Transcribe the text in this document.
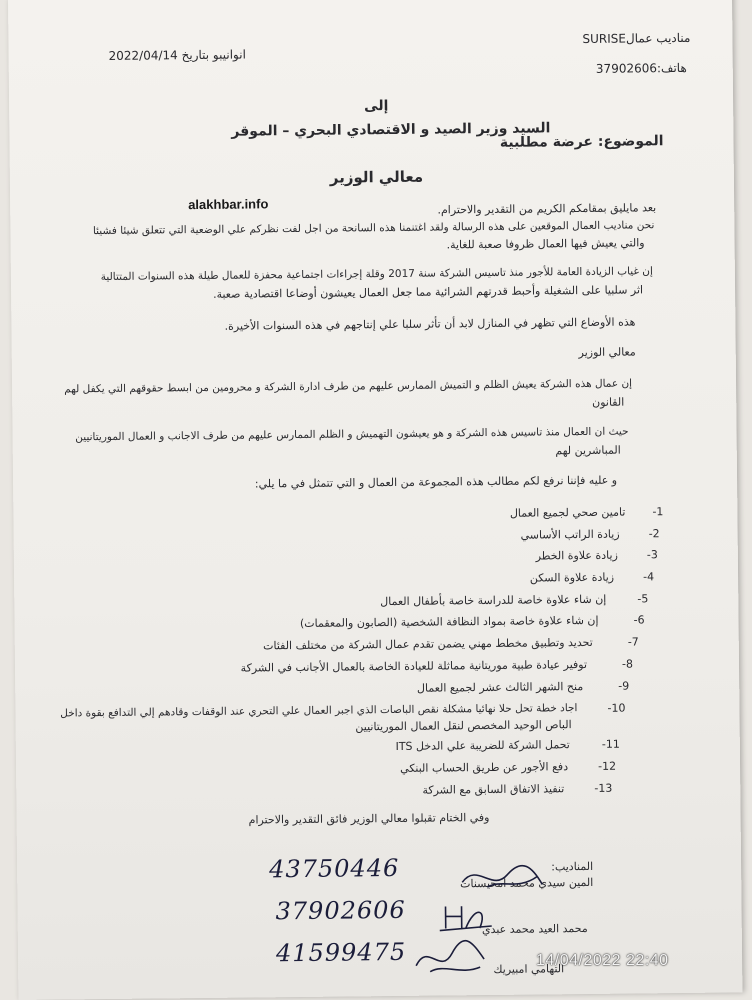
مناديب عمالSURISE
انوانيبو بتاريخ 2022/04/14
هاتف:37902606
إلى
السيد وزير الصيد و الاقتصادي البحري – الموقر
الموضوع: عرضة مطلبية
معالي الوزير
alakhbar.info	بعد مايليق بمقامكم الكريم من التقدير والاحترام.
نحن مناديب العمال الموقعين على هذه الرسالة ولقد اغتنمنا هذه السانحة من اجل لفت نظركم علي الوضعية التي تتعلق شيئا فشيئا
والتي يعيش فيها العمال ظروفا صعبة للغاية.
إن غياب الزيادة العامة للأجور منذ تاسيس الشركة سنة 2017 وقلة إجراءات اجتماعية محفزة للعمال طيلة هذه السنوات المتتالية
اثر سلبيا على الشغيلة وأحبط قدرتهم الشرائية مما جعل العمال يعيشون أوضاعا اقتصادية صعبة.
هذه الأوضاع التي تظهر في المنازل لابد أن تأثر سلبا علي إنتاجهم في هذه السنوات الأخيرة.
معالي الوزير
إن عمال هذه الشركة يعيش الظلم و التميش الممارس عليهم من طرف ادارة الشركة و محرومين من ابسط حقوقهم التي يكفل لهم
القانون
حيث ان العمال منذ تاسيس هذه الشركة و هو يعيشون التهميش و الظلم الممارس عليهم من طرف الاجانب و العمال الموريتانيين
المباشرين لهم
و عليه فإننا نرفع لكم مطالب هذه المجموعة من العمال و التي تتمثل في ما يلي:
-1
تامين صحي لجميع العمال
-2
زيادة الراتب الأساسي
-3
زيادة علاوة الخطر
-4
زيادة علاوة السكن
-5
إن شاء علاوة خاصة للدراسة خاصة بأطفال العمال
-6
إن شاء علاوة خاصة بمواد النظافة الشخصية (الصابون والمعقمات)
-7
تحديد وتطبيق مخطط مهني يضمن تقدم عمال الشركة من مختلف الفئات
-8
توفير عيادة طبية موريتانية مماثلة للعيادة الخاصة بالعمال الأجانب في الشركة
-9
منح الشهر الثالث عشر لجميع العمال
-10
اجاد خطة تحل حلا نهائيا مشكلة نقص الباصات الذي اجبر العمال علي التحري عند الوقفات وقادهم إلي التدافع بقوة داخل
الباص الوحيد المخصص لنقل العمال الموريتانيين
-11
تحمل الشركة للضريبة علي الدخل ITS
-12
دفع الأجور عن طريق الحساب البنكي
-13
تنفيذ الاتفاق السابق مع الشركة
وفي الختام تقبلوا معالي الوزير فائق التقدير والاحترام
المناديب:
المين سيدي محمد امحيسنات
محمد العيد محمد عبدي
التهامي امبيريك
43750446
37902606
41599475	14/04/2022 22:40
